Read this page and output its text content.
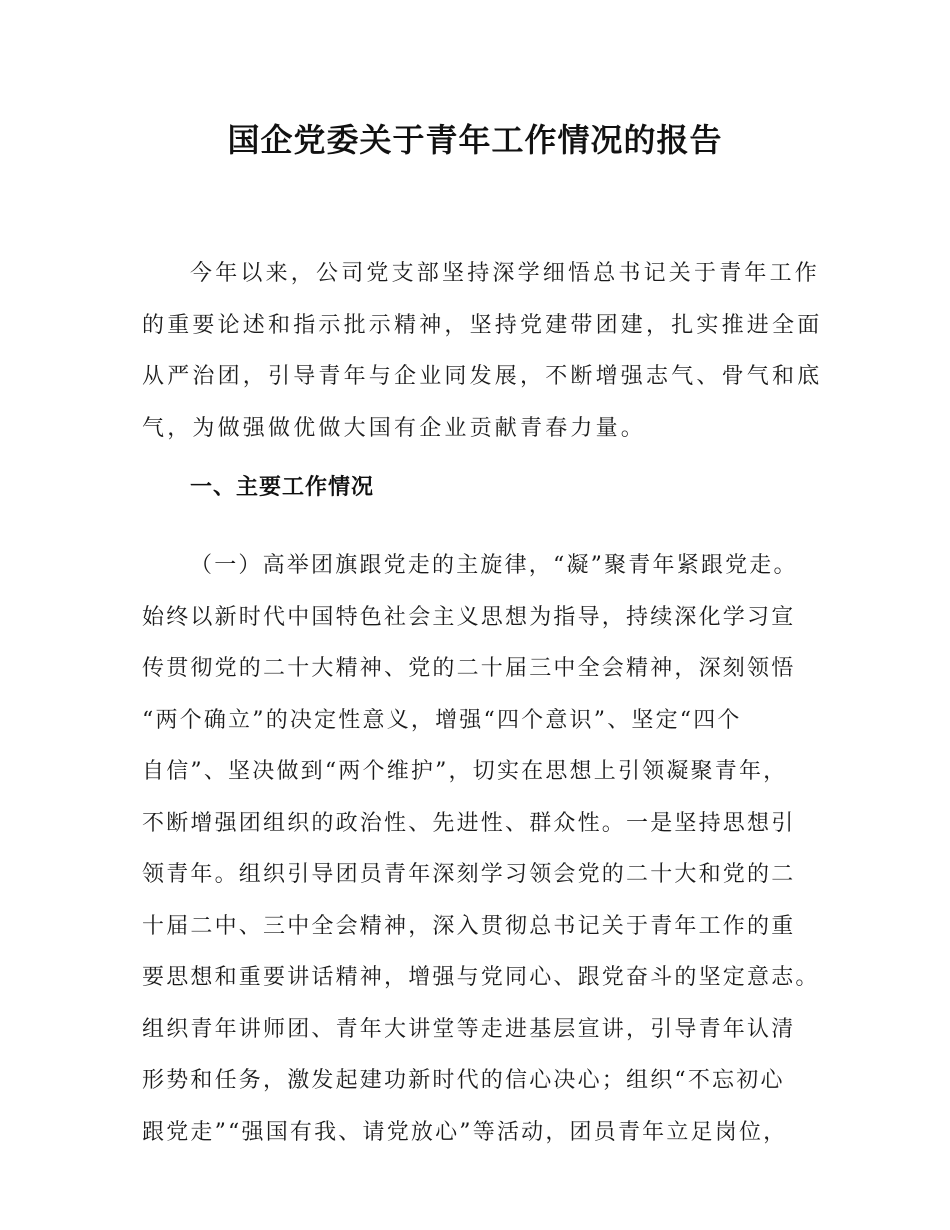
国企党委关于青年工作情况的报告
今年以来，公司党支部坚持深学细悟总书记关于青年工作
的重要论述和指示批示精神，坚持党建带团建，扎实推进全面
从严治团，引导青年与企业同发展，不断增强志气、骨气和底
气，为做强做优做大国有企业贡献青春力量。
一、主要工作情况
（一）高举团旗跟党走的主旋律，“凝”聚青年紧跟党走。
始终以新时代中国特色社会主义思想为指导，持续深化学习宣
传贯彻党的二十大精神、党的二十届三中全会精神，深刻领悟
“两个确立”的决定性意义，增强“四个意识”、坚定“四个
自信”、坚决做到“两个维护”，切实在思想上引领凝聚青年，
不断增强团组织的政治性、先进性、群众性。一是坚持思想引
领青年。组织引导团员青年深刻学习领会党的二十大和党的二
十届二中、三中全会精神，深入贯彻总书记关于青年工作的重
要思想和重要讲话精神，增强与党同心、跟党奋斗的坚定意志。
组织青年讲师团、青年大讲堂等走进基层宣讲，引导青年认清
形势和任务，激发起建功新时代的信心决心；组织“不忘初心
跟党走”“强国有我、请党放心”等活动，团员青年立足岗位，
